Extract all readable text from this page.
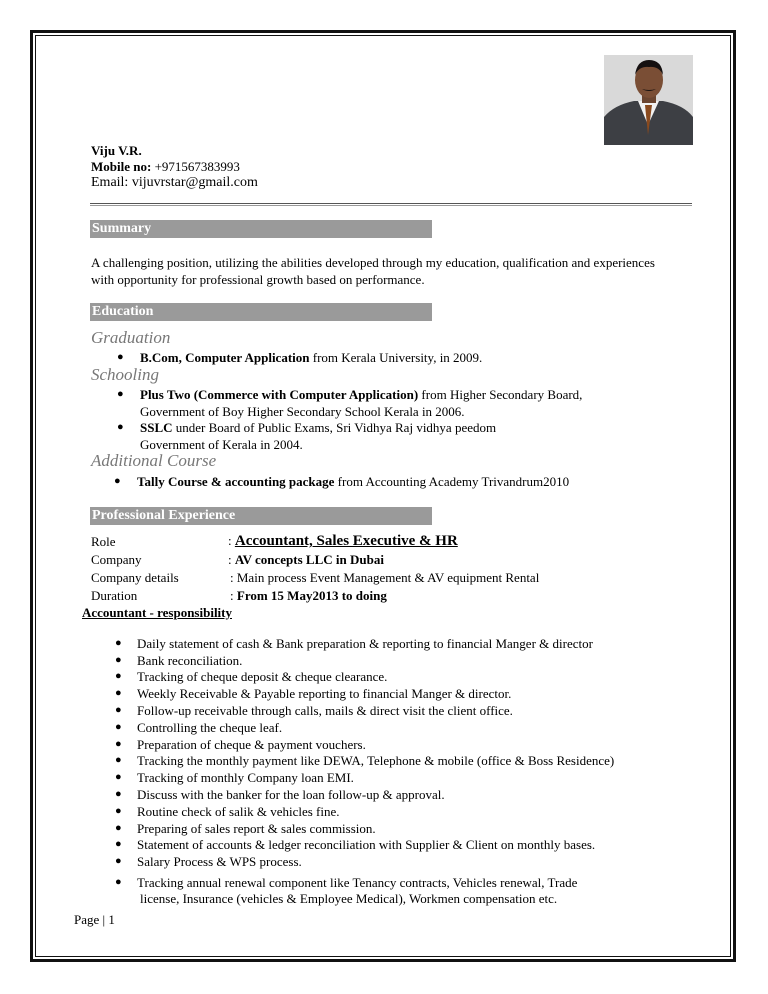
Viju V.R.
Mobile no: +971567383993
Email: vijuvrstar@gmail.com
Summary
A challenging position, utilizing the abilities developed through my education, qualification and experiences
with opportunity for professional growth based on performance.
Education
Graduation
● B.Com, Computer Application from Kerala University, in 2009.
Schooling
● Plus Two (Commerce with Computer Application) from Higher Secondary Board,
Government of Boy Higher Secondary School Kerala in 2006.
● SSLC under Board of Public Exams, Sri Vidhya Raj vidhya peedom
Government of Kerala in 2004.
Additional Course
● Tally Course & accounting package from Accounting Academy Trivandrum2010
Professional Experience
Role	: Accountant, Sales Executive & HR
Company	: AV concepts LLC in Dubai
Company details	: Main process Event Management & AV equipment Rental
Duration	: From 15 May2013 to doing
Accountant - responsibility
● Daily statement of cash & Bank preparation & reporting to financial Manger & director
● Bank reconciliation.
● Tracking of cheque deposit & cheque clearance.
● Weekly Receivable & Payable reporting to financial Manger & director.
● Follow-up receivable through calls, mails & direct visit the client office.
● Controlling the cheque leaf.
● Preparation of cheque & payment vouchers.
● Tracking the monthly payment like DEWA, Telephone & mobile (office & Boss Residence)
● Tracking of monthly Company loan EMI.
● Discuss with the banker for the loan follow-up & approval.
● Routine check of salik & vehicles fine.
● Preparing of sales report & sales commission.
● Statement of accounts & ledger reconciliation with Supplier & Client on monthly bases.
● Salary Process & WPS process.
● Tracking annual renewal component like Tenancy contracts, Vehicles renewal, Trade
license, Insurance (vehicles & Employee Medical), Workmen compensation etc.
Page | 1
